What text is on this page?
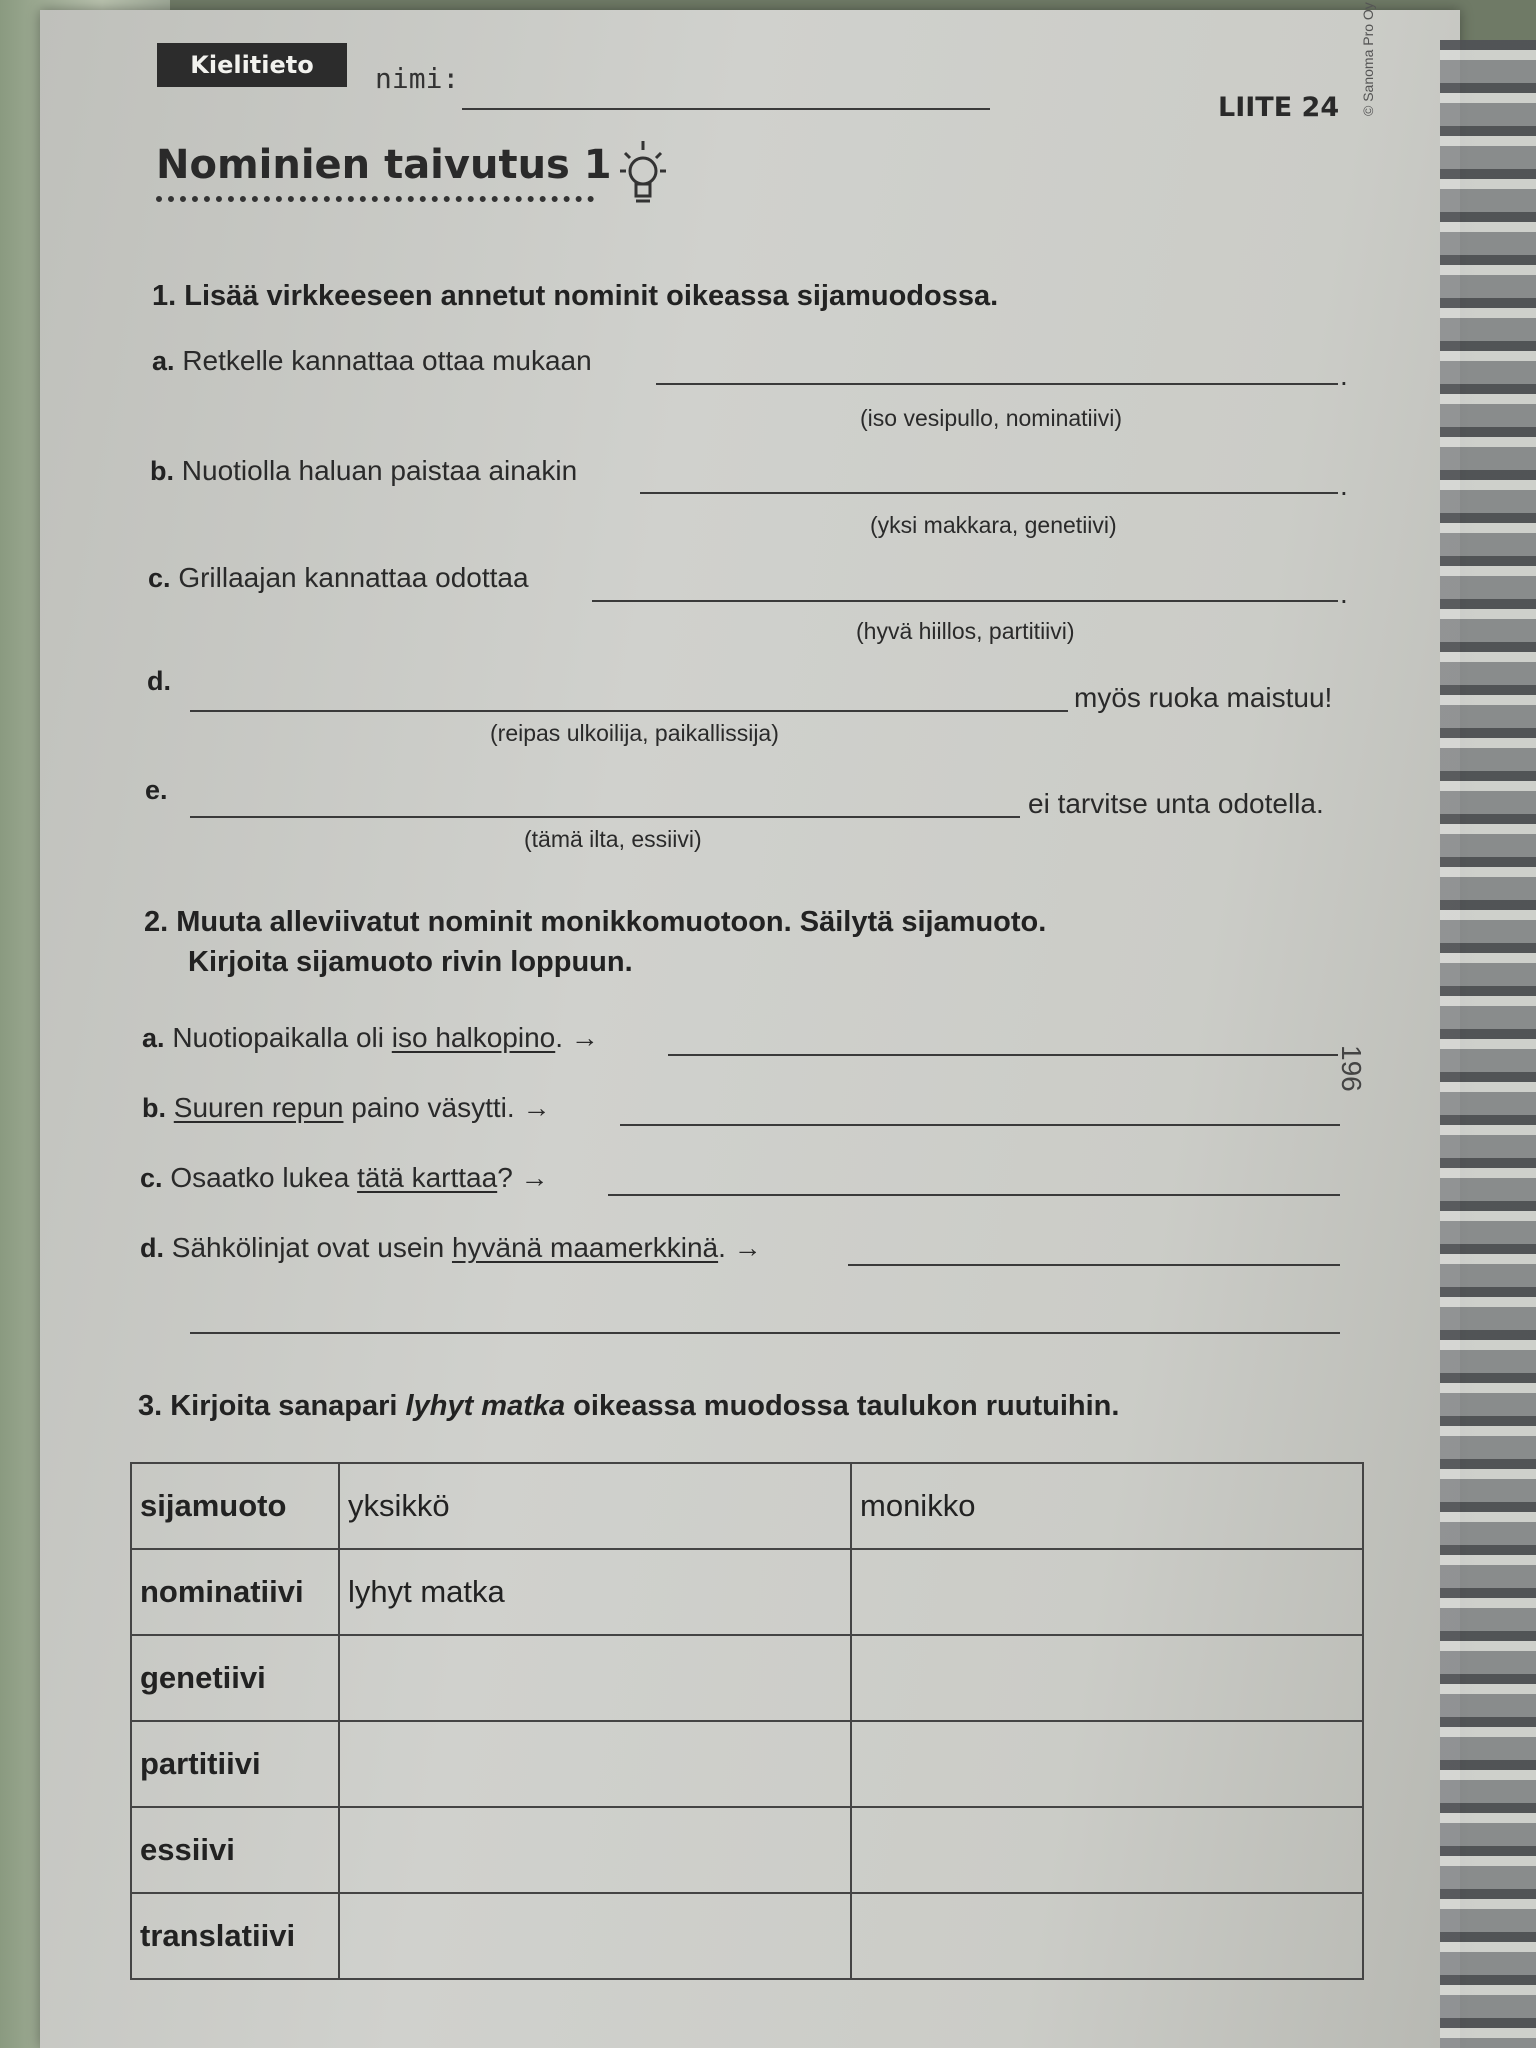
Kielitieto	nimi:
LIITE 24
Nominien taivutus 1
© Sanoma Pro Oy
196
1. Lisää virkkeeseen annetut nominit oikeassa sijamuodossa.
a. Retkelle kannattaa ottaa mukaan	.
(iso vesipullo, nominatiivi)
b. Nuotiolla haluan paistaa ainakin	.
(yksi makkara, genetiivi)
c. Grillaajan kannattaa odottaa
.
(hyvä hiillos, partitiivi)
d.
myös ruoka maistuu!
(reipas ulkoilija, paikallissija)
e.	ei tarvitse unta odotella.
(tämä ilta, essiivi)
2. Muuta alleviivatut nominit monikkomuotoon. Säilytä sijamuoto.
Kirjoita sijamuoto rivin loppuun.
a. Nuotiopaikalla oli iso halkopino. →
b. Suuren repun paino väsytti. →
c. Osaatko lukea tätä karttaa? →
d. Sähkölinjat ovat usein hyvänä maamerkkinä. →
3. Kirjoita sanapari lyhyt matka oikeassa muodossa taulukon ruutuihin.
sijamuoto	yksikkö	monikko
nominatiivi	lyhyt matka	
genetiivi		
partitiivi		
essiivi		
translatiivi		
